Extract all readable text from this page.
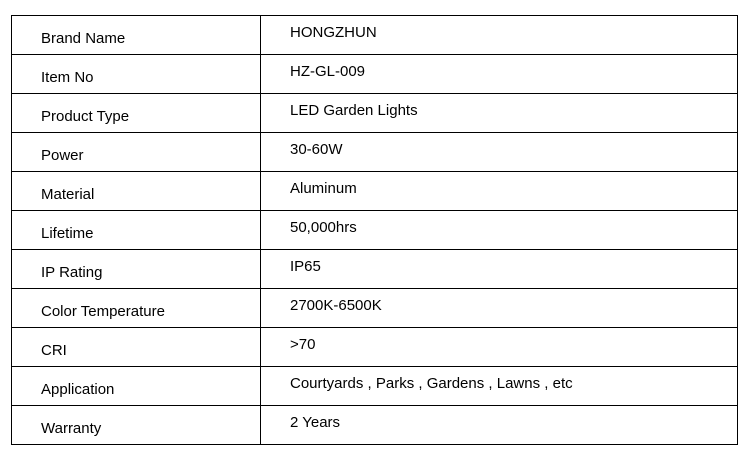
Brand Name	HONGZHUN
Item No	HZ-GL-009
Product Type	LED Garden Lights
Power	30-60W
Material	Aluminum
Lifetime	50,000hrs
IP Rating	IP65
Color Temperature	2700K-6500K
CRI	>70
Application	Courtyards , Parks , Gardens , Lawns , etc
Warranty	2 Years
